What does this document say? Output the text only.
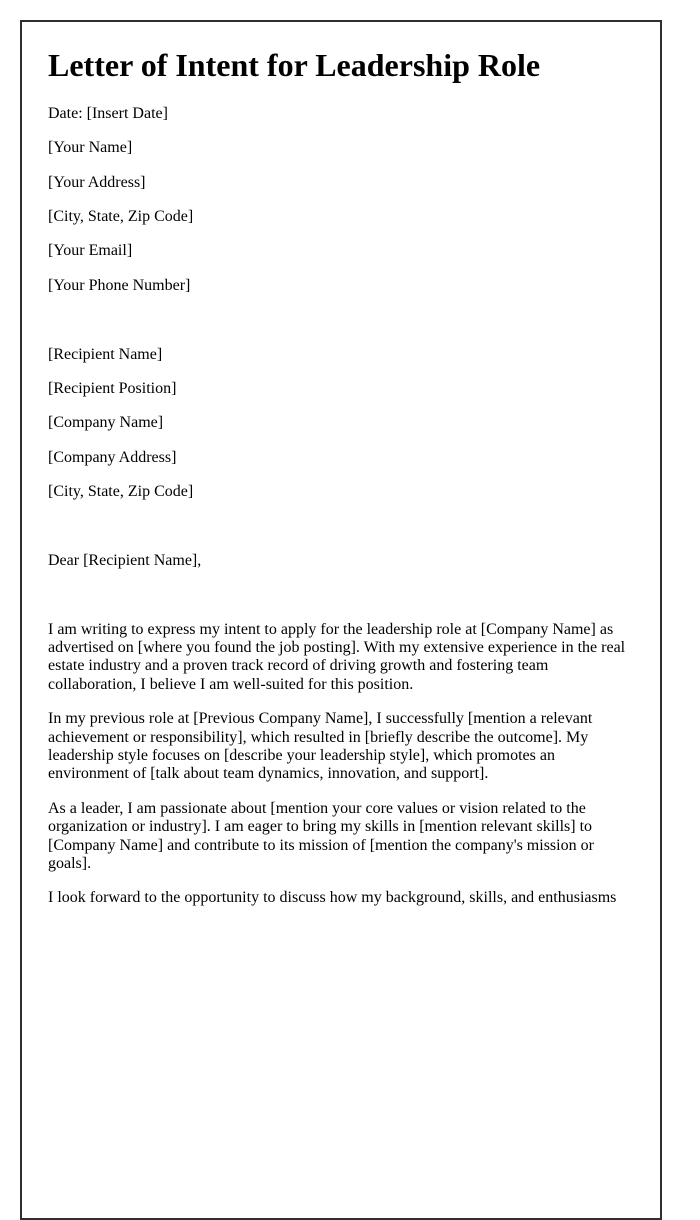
Letter of Intent for Leadership Role

Date: [Insert Date]

[Your Name]

[Your Address]

[City, State, Zip Code]

[Your Email]

[Your Phone Number]

[Recipient Name]

[Recipient Position]

[Company Name]

[Company Address]

[City, State, Zip Code]

Dear [Recipient Name],

I am writing to express my intent to apply for the leadership role at [Company Name] as advertised on [where you found the job posting]. With my extensive experience in the real estate industry and a proven track record of driving growth and fostering team collaboration, I believe I am well-suited for this position.

In my previous role at [Previous Company Name], I successfully [mention a relevant achievement or responsibility], which resulted in [briefly describe the outcome]. My leadership style focuses on [describe your leadership style], which promotes an environment of [talk about team dynamics, innovation, and support].

As a leader, I am passionate about [mention your core values or vision related to the organization or industry]. I am eager to bring my skills in [mention relevant skills] to [Company Name] and contribute to its mission of [mention the company's mission or goals].

I look forward to the opportunity to discuss how my background, skills, and enthusiasms
